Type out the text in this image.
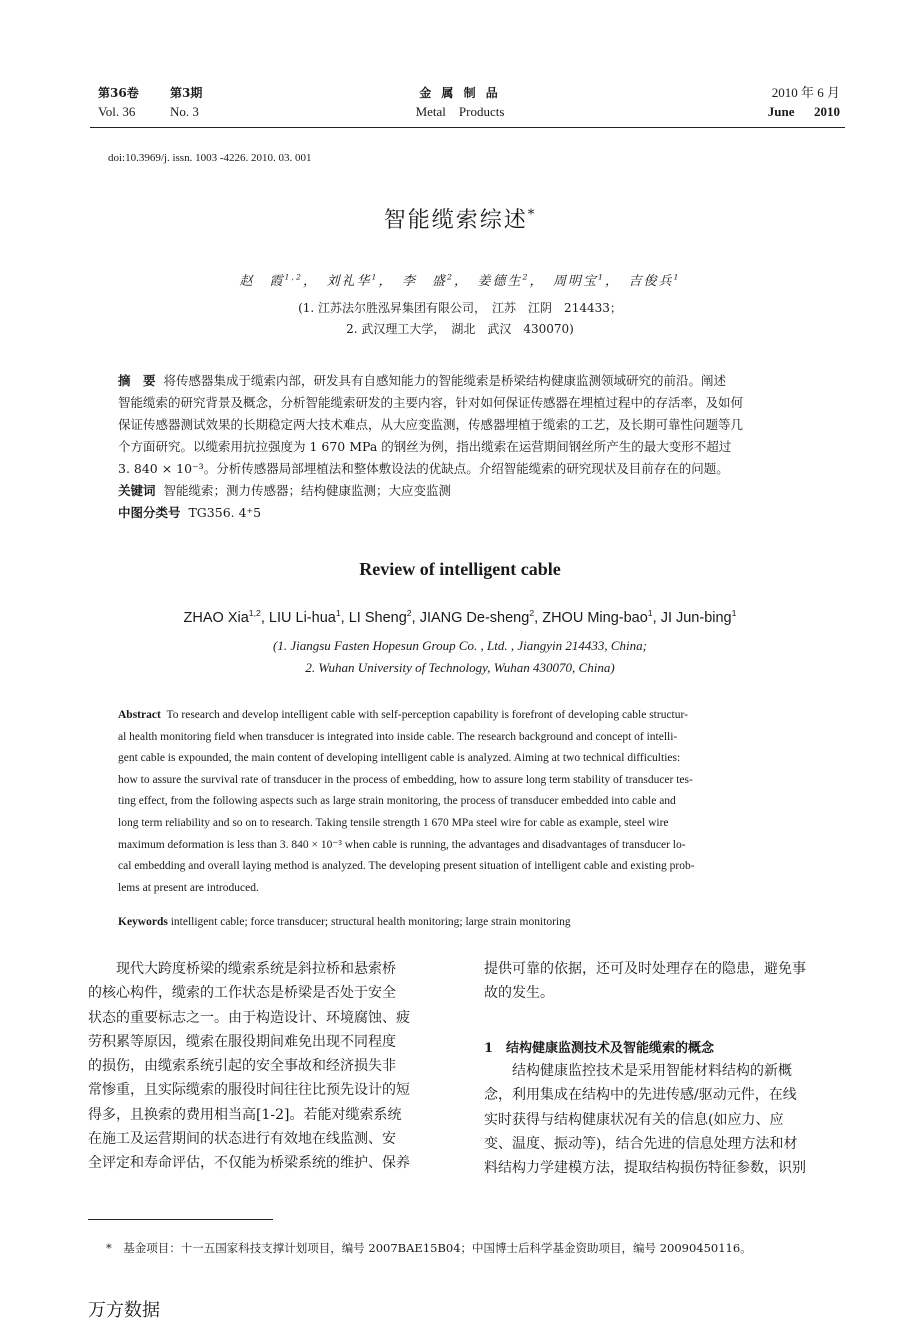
第36卷	第3期
Vol. 36	No. 3
金 属 制 品
Metal    Products
2010 年 6 月
June      2010
doi:10.3969/j. issn. 1003 -4226. 2010. 03. 001
智能缆索综述*
赵　霞$^{1,2}$，　刘礼华$^1$，　李　盛$^2$，　姜德生$^2$，　周明宝$^1$，　吉俊兵$^1$
(1. 江苏法尔胜泓昇集团有限公司，　江苏　江阴　214433；
2. 武汉理工大学，　湖北　武汉　430070)
摘　要 将传感器集成于缆索内部，研发具有自感知能力的智能缆索是桥梁结构健康监测领域研究的前沿。阐述
智能缆索的研究背景及概念，分析智能缆索研发的主要内容，针对如何保证传感器在埋植过程中的存活率，及如何
保证传感器测试效果的长期稳定两大技术难点，从大应变监测，传感器埋植于缆索的工艺，及长期可靠性问题等几
个方面研究。以缆索用抗拉强度为 1 670 MPa 的钢丝为例，指出缆索在运营期间钢丝所产生的最大变形不超过
3. 840 × 10⁻³。分析传感器局部埋植法和整体敷设法的优缺点。介绍智能缆索的研究现状及目前存在的问题。
关键词 智能缆索；测力传感器；结构健康监测；大应变监测
中图分类号 TG356. 4⁺5
Review of intelligent cable
ZHAO Xia$^{1,2}$, LIU Li-hua$^1$, LI Sheng$^2$, JIANG De-sheng$^2$, ZHOU Ming-bao$^1$, JI Jun-bing$^1$
(1. Jiangsu Fasten Hopesun Group Co. , Ltd. , Jiangyin 214433, China;
2. Wuhan University of Technology, Wuhan 430070, China)
Abstract To research and develop intelligent cable with self-perception capability is forefront of developing cable structur-
al health monitoring field when transducer is integrated into inside cable. The research background and concept of intelli-
gent cable is expounded, the main content of developing intelligent cable is analyzed. Aiming at two technical difficulties:
how to assure the survival rate of transducer in the process of embedding, how to assure long term stability of transducer tes-
ting effect, from the following aspects such as large strain monitoring, the process of transducer embedded into cable and
long term reliability and so on to research. Taking tensile strength 1 670 MPa steel wire for cable as example, steel wire
maximum deformation is less than 3. 840 × 10⁻³ when cable is running, the advantages and disadvantages of transducer lo-
cal embedding and overall laying method is analyzed. The developing present situation of intelligent cable and existing prob-
lems at present are introduced.
Keywords intelligent cable; force transducer; structural health monitoring; large strain monitoring
现代大跨度桥梁的缆索系统是斜拉桥和悬索桥
的核心构件，缆索的工作状态是桥梁是否处于安全
状态的重要标志之一。由于构造设计、环境腐蚀、疲
劳积累等原因，缆索在服役期间难免出现不同程度
的损伤，由缆索系统引起的安全事故和经济损失非
常惨重，且实际缆索的服役时间往往比预先设计的短
得多，且换索的费用相当高[1-2]。若能对缆索系统
在施工及运营期间的状态进行有效地在线监测、安
全评定和寿命评估，不仅能为桥梁系统的维护、保养
提供可靠的依据，还可及时处理存在的隐患，避免事
故的发生。
1　结构健康监测技术及智能缆索的概念
结构健康监控技术是采用智能材料结构的新概
念，利用集成在结构中的先进传感/驱动元件，在线
实时获得与结构健康状况有关的信息(如应力、应
变、温度、振动等)，结合先进的信息处理方法和材
料结构力学建模方法，提取结构损伤特征参数，识别
*　基金项目：十一五国家科技支撑计划项目，编号 2007BAE15B04；中国博士后科学基金资助项目，编号 20090450116。
万方数据
